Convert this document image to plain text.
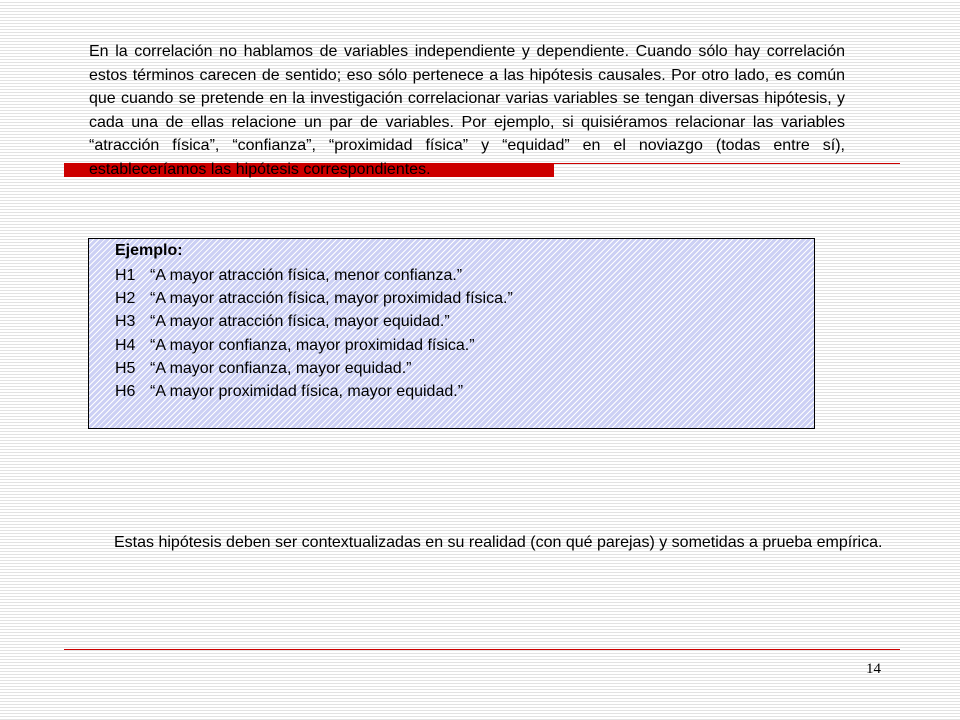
En la correlación no hablamos de variables independiente y dependiente. Cuando sólo hay correlación estos términos carecen de sentido; eso sólo pertenece a las hipótesis causales. Por otro lado, es común que cuando se pretende en la investigación correlacionar varias variables se tengan diversas hipótesis, y cada una de ellas relacione un par de variables. Por ejemplo, si quisiéramos relacionar las variables “atracción física”, “confianza”, “proximidad física” y “equidad” en el noviazgo (todas entre sí), estableceríamos las hipótesis correspondientes.

Ejemplo:

H1 “A mayor atracción física, menor confianza.”
H2 “A mayor atracción física, mayor proximidad física.”
H3 “A mayor atracción física, mayor equidad.”
H4 “A mayor confianza, mayor proximidad física.”
H5 “A mayor confianza, mayor equidad.”
H6 “A mayor proximidad física, mayor equidad.”

Estas hipótesis deben ser contextualizadas en su realidad (con qué parejas) y sometidas a prueba empírica.

14
